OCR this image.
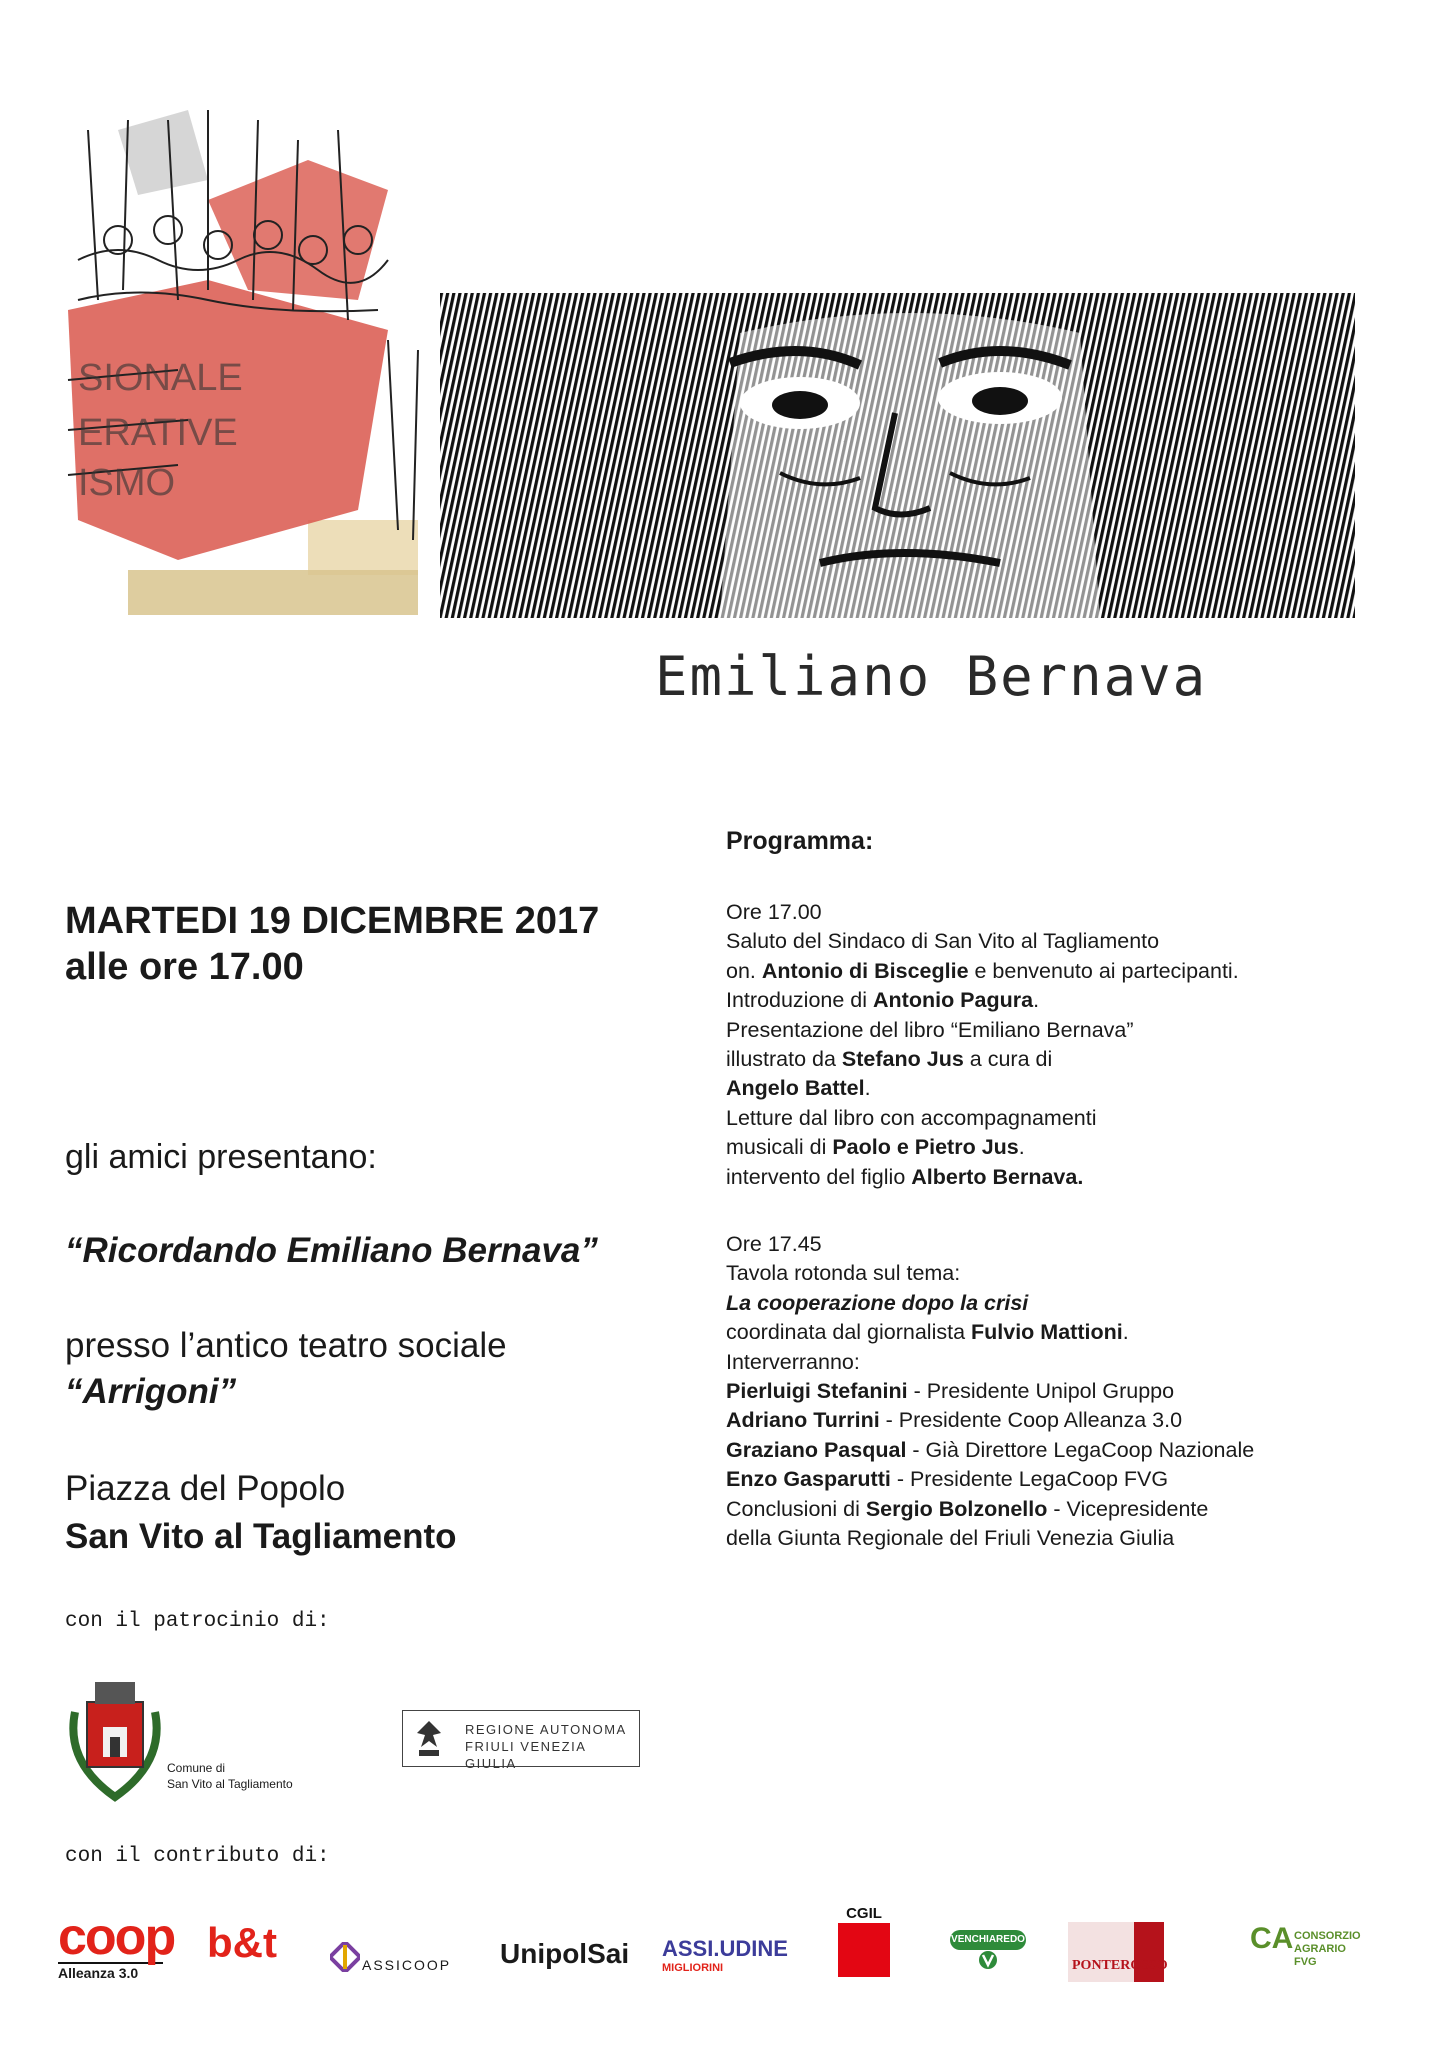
SIONALE
ERATIVE
ISMO
Emiliano Bernava
MARTEDI 19 DICEMBRE 2017
alle ore 17.00
gli amici presentano:
“Ricordando Emiliano Bernava”
presso l’antico teatro sociale
“Arrigoni”
Piazza del Popolo
San Vito al Tagliamento
Programma:
Ore 17.00
Saluto del Sindaco di San Vito al Tagliamento
on. Antonio di Bisceglie e benvenuto ai partecipanti.
Introduzione di Antonio Pagura.
Presentazione del libro “Emiliano Bernava”
illustrato da Stefano Jus a cura di
Angelo Battel.
Letture dal libro con accompagnamenti
musicali di Paolo e Pietro Jus.
intervento del figlio Alberto Bernava.
Ore 17.45
Tavola rotonda sul tema:
La cooperazione dopo la crisi
coordinata dal giornalista Fulvio Mattioni.
Interverranno:
Pierluigi Stefanini - Presidente Unipol Gruppo
Adriano Turrini - Presidente Coop Alleanza 3.0
Graziano Pasqual - Già Direttore LegaCoop Nazionale
Enzo Gasparutti - Presidente LegaCoop FVG
Conclusioni di Sergio Bolzonello - Vicepresidente
della Giunta Regionale del Friuli Venezia Giulia
con il patrocinio di:
Comune di
San Vito al Tagliamento
REGIONE AUTONOMA
FRIULI VENEZIA GIULIA
con il contributo di:
coop
Alleanza 3.0
b&t	ASSICOOP UnipolSai ASSI.UDINE
MIGLIORINI
CGIL
VENCHIAREDO
PONTEROSSO
CA CONSORZIO
AGRARIO FVG
